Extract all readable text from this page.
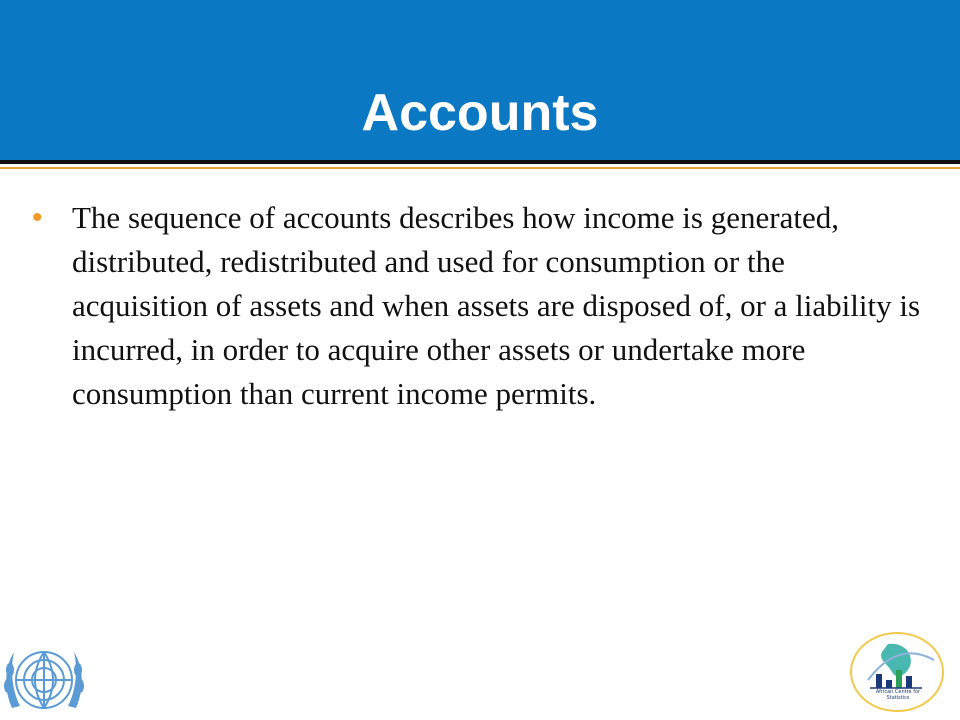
Accounts
• The sequence of accounts describes how income is generated, distributed, redistributed and used for consumption or the acquisition of assets and when assets are disposed of, or a liability is incurred, in order to acquire other assets or undertake more consumption than current income permits.
African Centre for
Statistics
